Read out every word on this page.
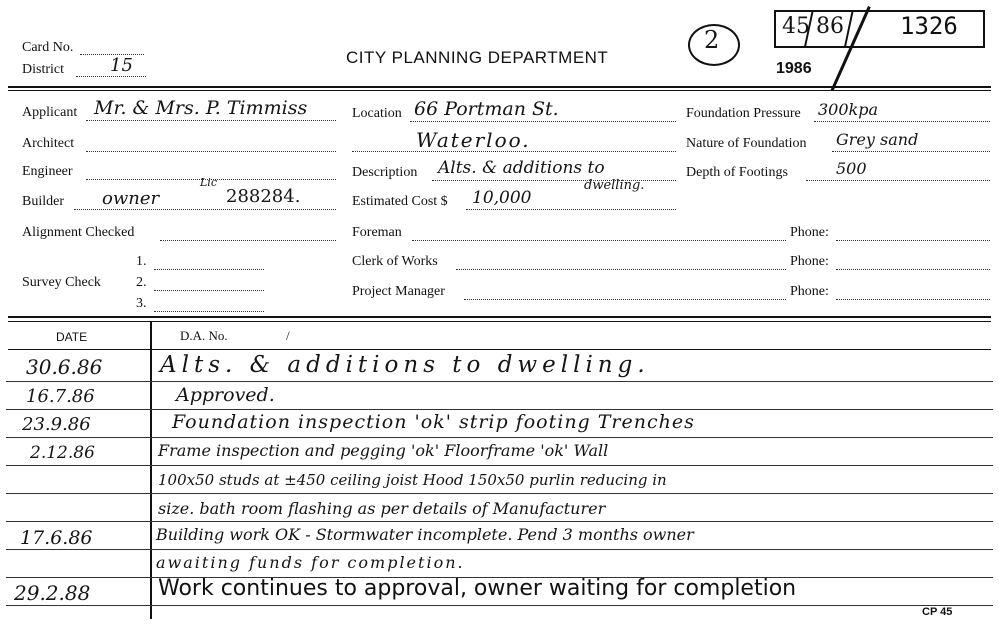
Card No.
District	15	CITY PLANNING DEPARTMENT
2	45 86 1326
1986
Applicant Mr. & Mrs. P. Timmiss
Architect
Engineer
Builder owner
Lic
288284.
Alignment Checked
Survey Check
1.
2.
3.
Location 66 Portman St.
Waterloo.
Description Alts. & additions to
dwelling.
Estimated Cost $ 10,000
Foreman
Clerk of Works
Project Manager
Foundation Pressure 300kpa
Nature of Foundation Grey sand
Depth of Footings	500
Phone:
Phone:
Phone:
DATE	D.A. No.	/
30.6.86	Alts. & additions to dwelling.
16.7.86	Approved.
23.9.86	Foundation inspection 'ok' strip footing Trenches
2.12.86	Frame inspection and pegging 'ok' Floorframe 'ok' Wall
100x50 studs at ±450 ceiling joist Hood 150x50 purlin reducing in
size. bath room flashing as per details of Manufacturer
17.6.86	Building work OK - Stormwater incomplete. Pend 3 months owner
awaiting funds for completion.
29.2.88	Work continues to approval, owner waiting for completion
CP 45
